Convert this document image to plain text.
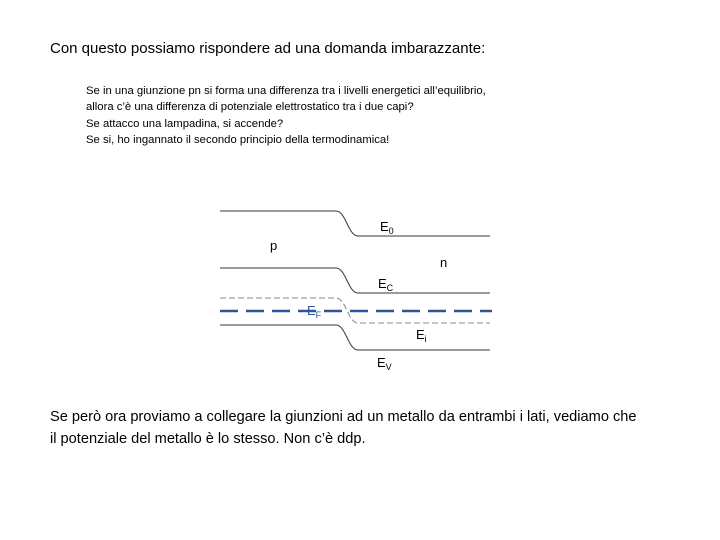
Con questo possiamo rispondere ad una domanda imbarazzante:
Se in una giunzione pn si forma una differenza tra i livelli energetici all’equilibrio,
allora c’è una differenza di potenziale elettrostatico tra i due capi?
Se attacco una lampadina, si accende?
Se si, ho ingannato il secondo principio della termodinamica!
p
n
$E_0$
$E_C$
$E_F$
$E_i$
$E_V$
Se però ora proviamo a collegare la giunzioni ad un metallo da entrambi i lati, vediamo che
il potenziale del metallo è lo stesso. Non c’è ddp.
